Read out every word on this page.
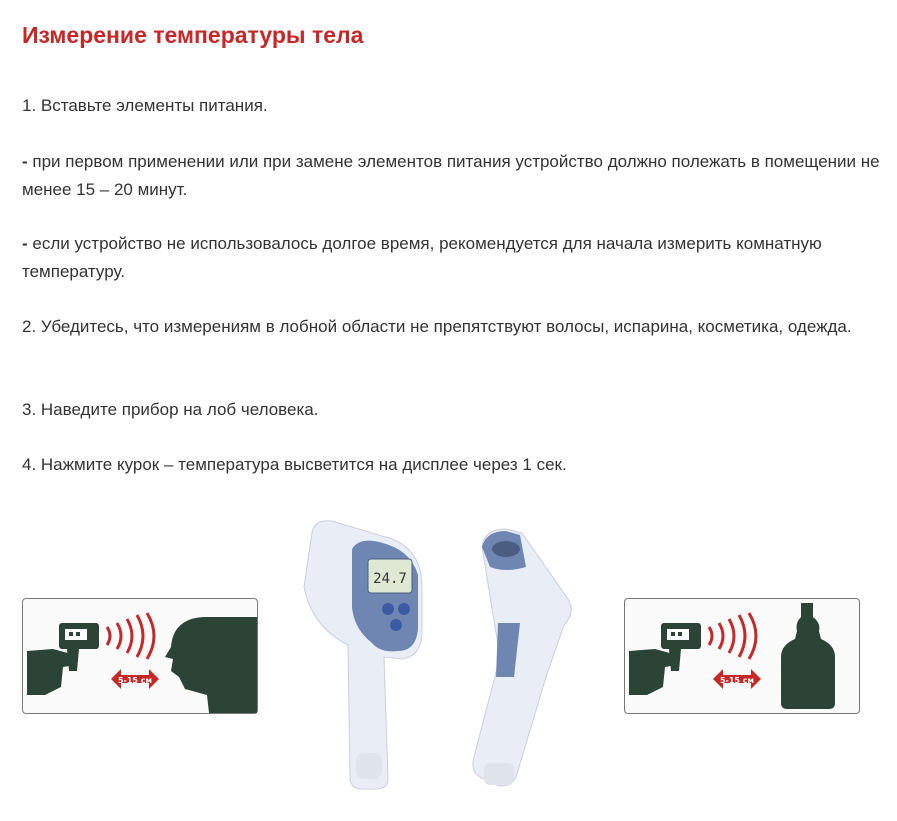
Измерение температуры тела

1. Вставьте элементы питания.

- при первом применении или при замене элементов питания устройство должно полежать в помещении не менее 15 – 20 минут.

- если устройство не использовалось долгое время, рекомендуется для начала измерить комнатную температуру.

2. Убедитесь, что измерениям в лобной области не препятствуют волосы, испарина, косметика, одежда.

3. Наведите прибор на лоб человека.

4. Нажмите курок – температура высветится на дисплее через 1 сек.

5-15 см
24.7
5-15 см
